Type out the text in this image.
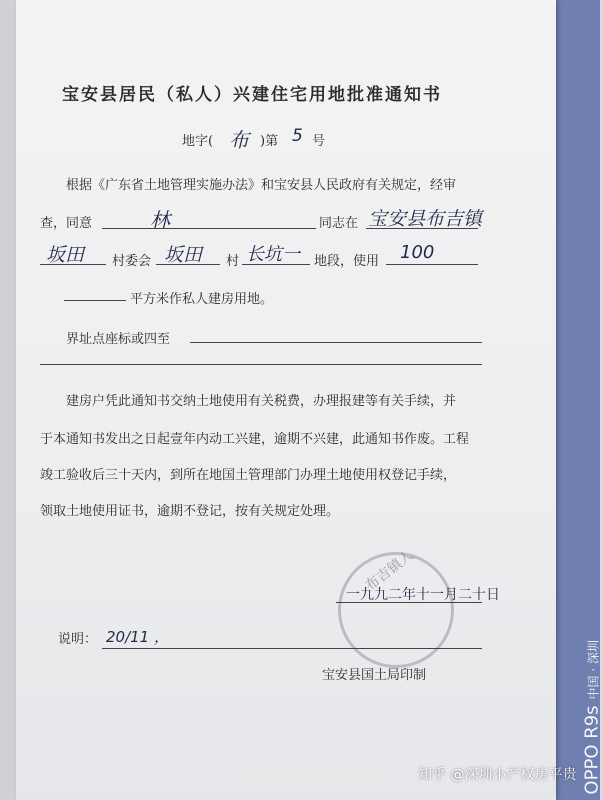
宝安县居民（私人）兴建住宅用地批准通知书
地字( 布 )第 5 号
根据《广东省土地管理实施办法》和宝安县人民政府有关规定，经审
查，同意	林	同志在 宝安县布吉镇
坂田 村委会 坂田 村 长坑一 地段，使用 100
平方米作私人建房用地。
界址点座标或四至
建房户凭此通知书交纳土地使用有关税费，办理报建等有关手续，并
于本通知书发出之日起壹年内动工兴建，逾期不兴建，此通知书作废。工程
竣工验收后三十天内，到所在地国土管理部门办理土地使用权登记手续，
领取土地使用证书，逾期不登记，按有关规定处理。
布吉镇人
一九九二年十一月二十日
说明： 20/11 ，
宝安县国土局印制
OPPO R9s中国 · 深圳
知乎 @深圳小产权房平贵
